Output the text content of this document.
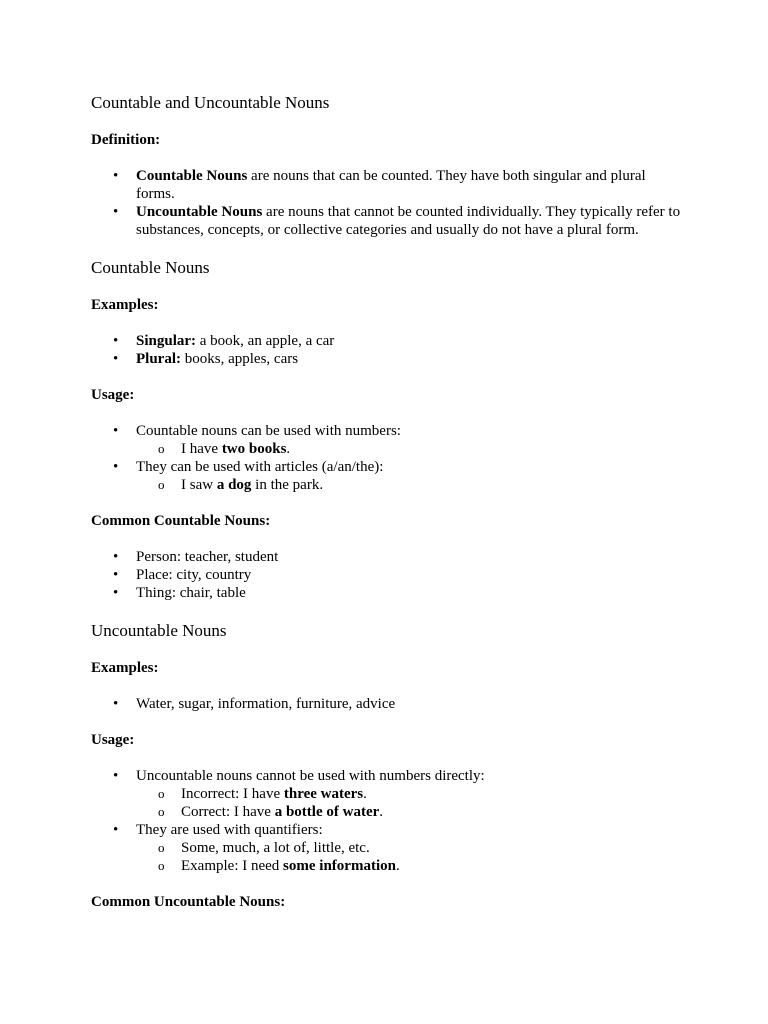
Countable and Uncountable Nouns

Definition:

• Countable Nouns are nouns that can be counted. They have both singular and plural forms.
• Uncountable Nouns are nouns that cannot be counted individually. They typically refer to substances, concepts, or collective categories and usually do not have a plural form.
Countable Nouns

Examples:

• Singular: a book, an apple, a car
• Plural: books, apples, cars

Usage:

• Countable nouns can be used with numbers:
o I have two books.
• They can be used with articles (a/an/the):
o I saw a dog in the park.

Common Countable Nouns:

• Person: teacher, student
• Place: city, country
• Thing: chair, table
Uncountable Nouns

Examples:

• Water, sugar, information, furniture, advice

Usage:

• Uncountable nouns cannot be used with numbers directly:
o Incorrect: I have three waters.
o Correct: I have a bottle of water.
• They are used with quantifiers:
o Some, much, a lot of, little, etc.
o Example: I need some information.

Common Uncountable Nouns:
